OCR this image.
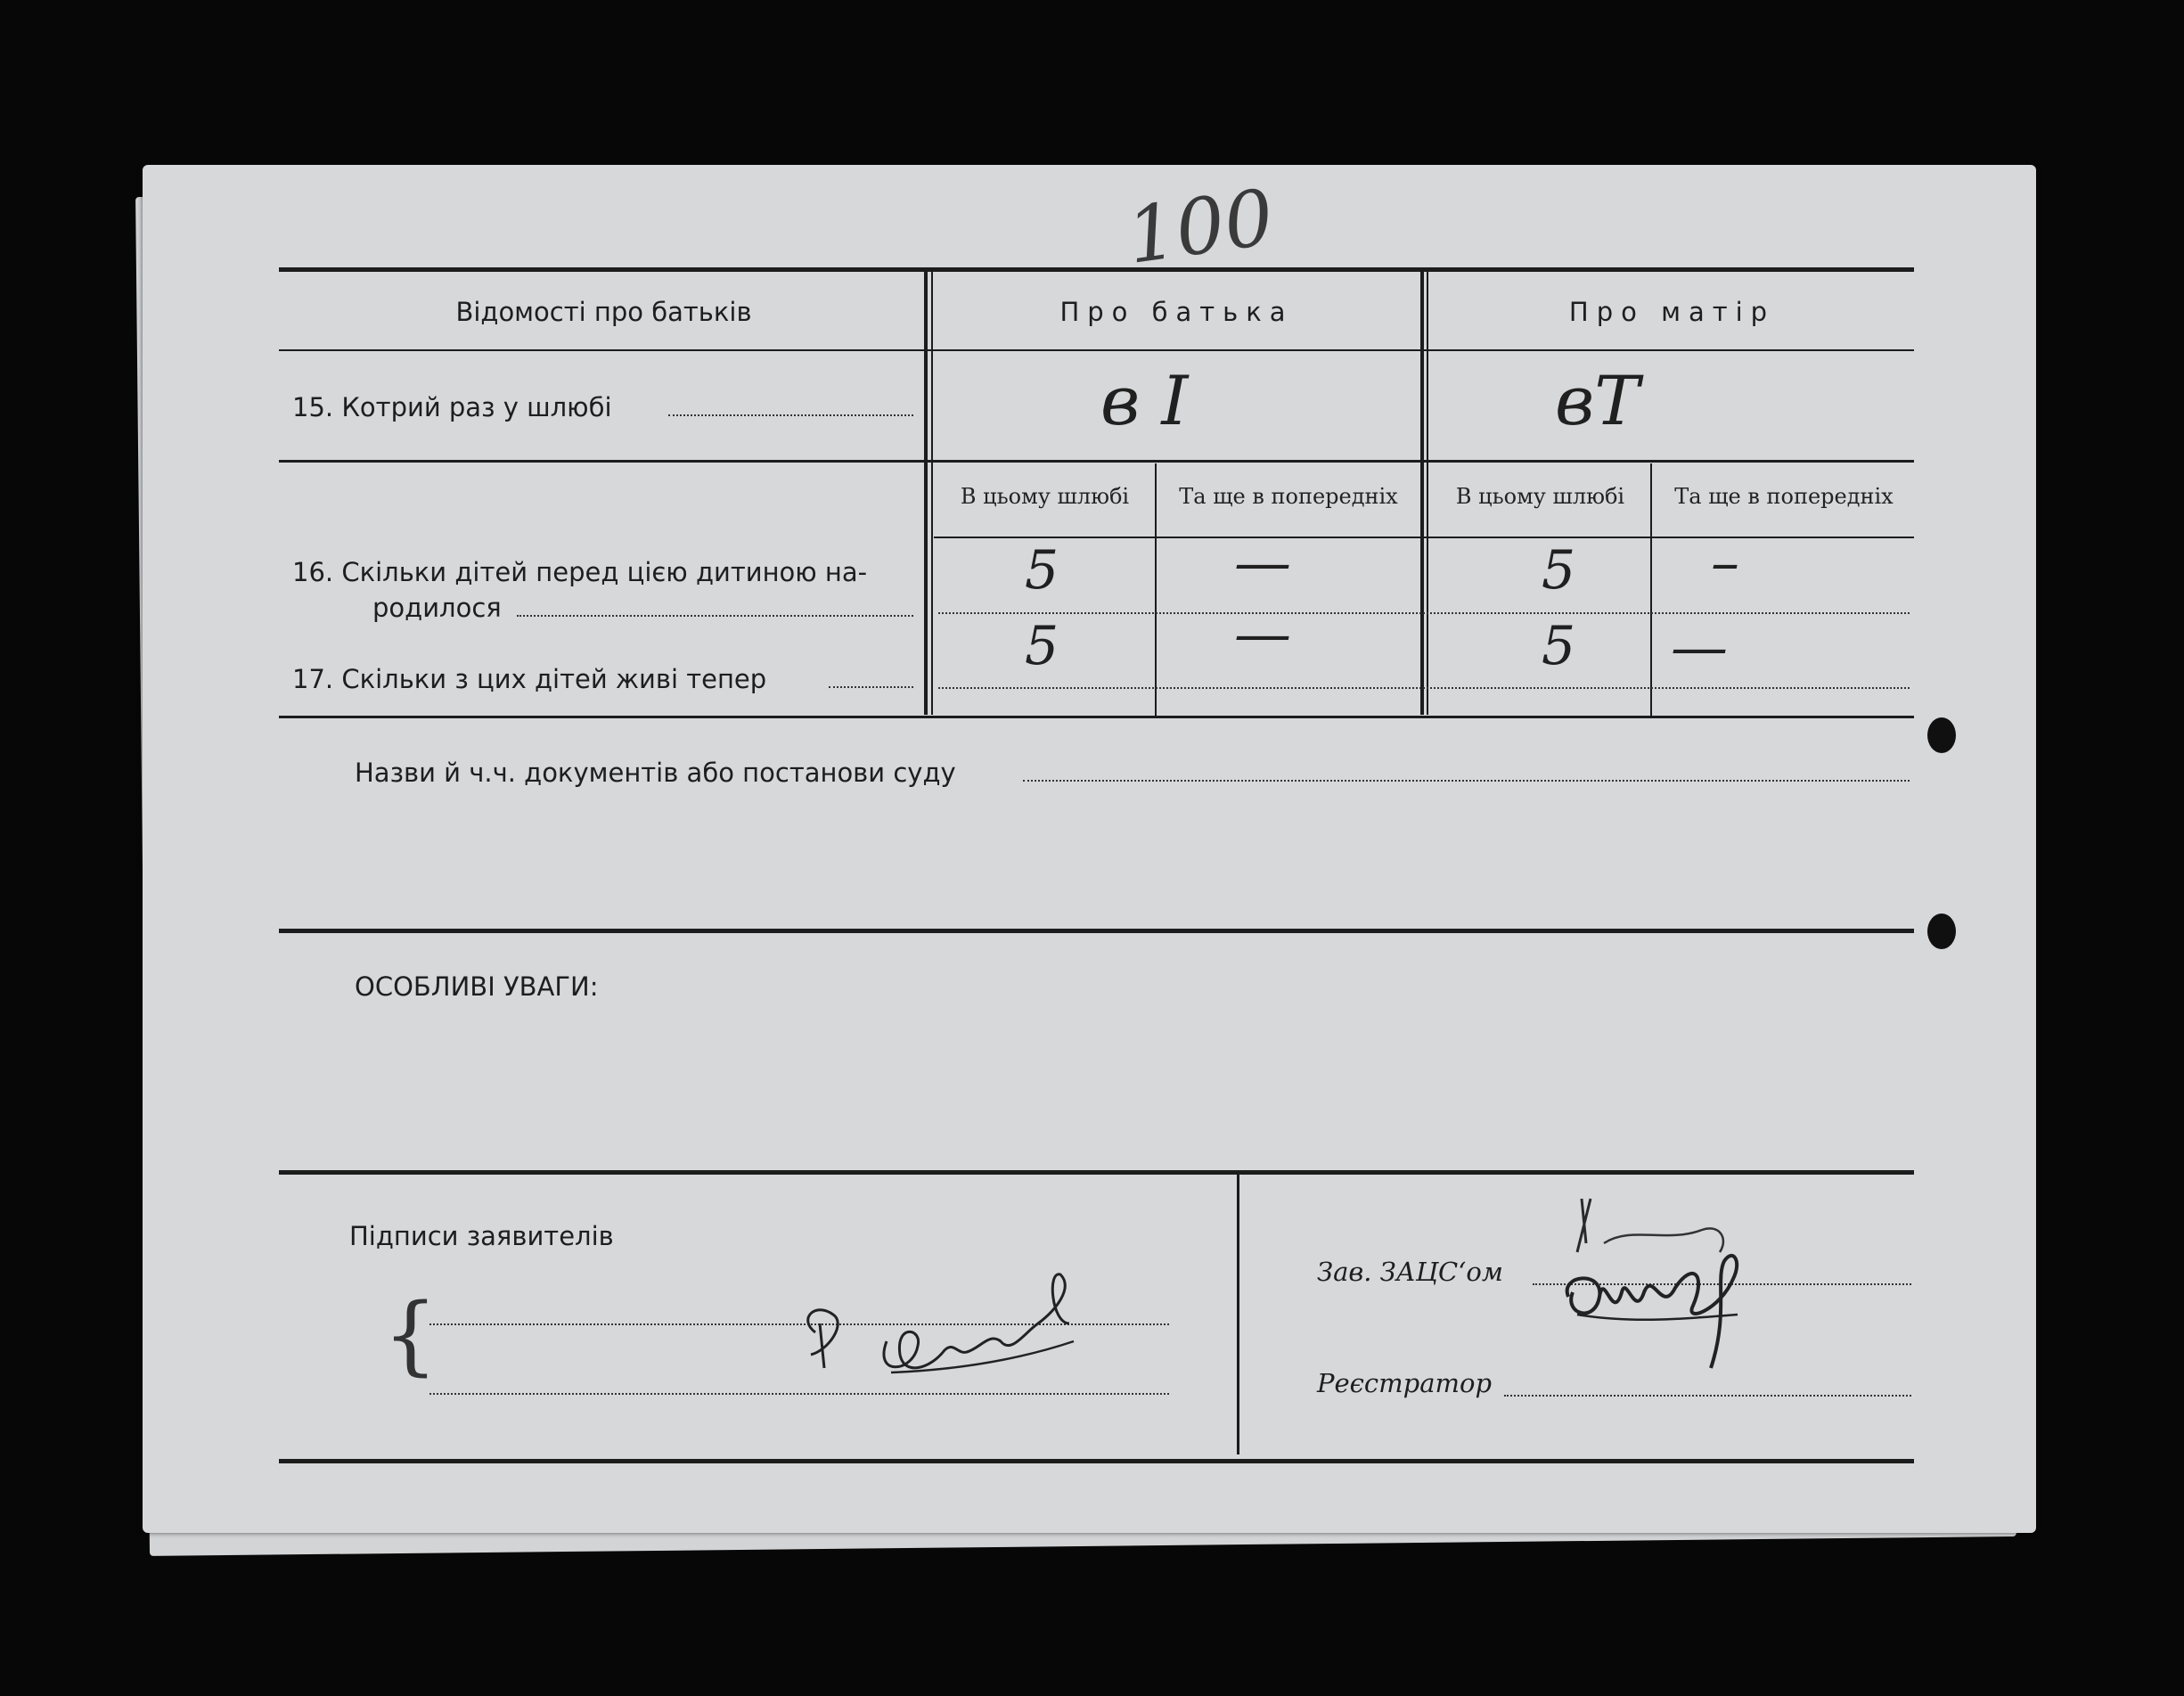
100
Відомості про батьків	Про батька	Про матір
15. Котрий раз у шлюбі	в I	вТ
В цьому шлюбі	Та ще в попередніх	В цьому шлюбі	Та ще в попередніх
16. Скільки дітей перед цією дитиною на-
родилося
5	—	5 –
17. Скільки з цих дітей живі тепер
5	—	5 —
Назви й ч.ч. документів або постанови суду
ОСОБЛИВІ УВАГИ:
Підписи заявителів
{
Зав. ЗАЦС‘ом
Реєстратор
